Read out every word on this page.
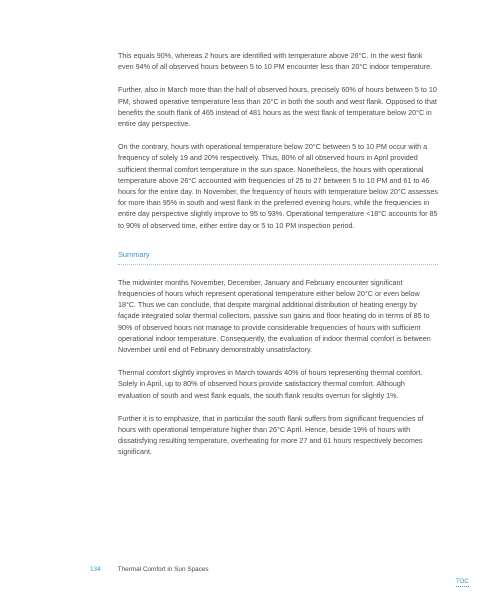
This equals 90%, whereas 2 hours are identified with temperature above 26°C. In the west flank even 94% of all observed hours between 5 to 10 PM encounter less than 20°C indoor temperature.

Further, also in March more than the half of observed hours, precisely 60% of hours between 5 to 10 PM, showed operative temperature less than 20°C in both the south and west flank. Opposed to that benefits the south flank of 465 instead of 481 hours as the west flank of temperature below 20°C in entire day perspective.

On the contrary, hours with operational temperature below 20°C between 5 to 10 PM occur with a frequency of solely 19 and 20% respectively. Thus, 80% of all observed hours in April provided sufficient thermal comfort temperature in the sun space. Nonetheless, the hours with operational temperature above 26°C accounted with frequencies of 25 to 27 between 5 to 10 PM and 61 to 46 hours for the entire day. In November, the frequency of hours with temperature below 20°C assesses for more than 95% in south and west flank in the preferred evening hours, while the frequencies in entire day perspective slightly improve to 95 to 93%. Operational temperature <18°C accounts for 85 to 90% of observed time, either entire day or 5 to 10 PM inspection period.

Summary

The midwinter months November, December, January and February encounter significant frequencies of hours which represent operational temperature either below 20°C or even below 18°C. Thus we can conclude, that despite marginal additional distribution of heating energy by façade integrated solar thermal collectors, passive sun gains and floor heating do in terms of 85 to 90% of observed hours not manage to provide considerable frequencies of hours with sufficient operational indoor temperature. Consequently, the evaluation of indoor thermal comfort is between November until end of February demonstrably unsatisfactory.

Thermal comfort slightly improves in March towards 40% of hours representing thermal comfort. Solely in April, up to 80% of observed hours provide satisfactory thermal comfort. Although evaluation of south and west flank equals, the south flank results overrun for slightly 1%.

Further it is to emphasize, that in particular the south flank suffers from significant frequencies of hours with operational temperature higher than 26°C April. Hence, beside 19% of hours with dissatisfying resulting temperature, overheating for more 27 and 61 hours respectively becomes significant.

134	Thermal Comfort in Sun Spaces
TOC
